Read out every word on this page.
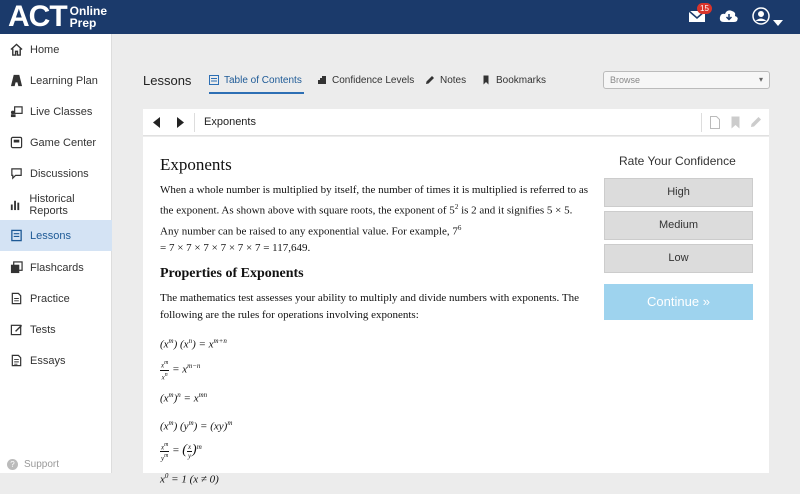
ACT Online
Prep
15
Home
Learning Plan
Live Classes
Game Center
Discussions
Historical Reports
Lessons
Flashcards
Practice
Tests
Essays
? Support
Lessons	Table of Contents	Confidence Levels	Notes	Bookmarks	Browse	▾
Exponents
Exponents

When a whole number is multiplied by itself, the number of times it is multiplied is referred to as the exponent. As shown above with square roots, the exponent of $5^2$ is 2 and it signifies 5 × 5. Any number can be raised to any exponential value. For example, $7^6$
= 7 × 7 × 7 × 7 × 7 × 7 = 117,649.

Properties of Exponents

The mathematics test assesses your ability to multiply and divide numbers with exponents. The following are the rules for operations involving exponents:

$(x^m) (x^n) = x^{m+n}$
$\frac{x^m}{x^n} = x^{m-n}$
$(x^m)^n = x^{mn}$
$(x^m) (y^m) = (xy)^m$
$\frac{x^m}{y^m}$ = ( $\frac{x}{y} )^m$
$x^0 = 1$ (x ≠ 0)
Rate Your Confidence
High
Medium
Low
Continue »
